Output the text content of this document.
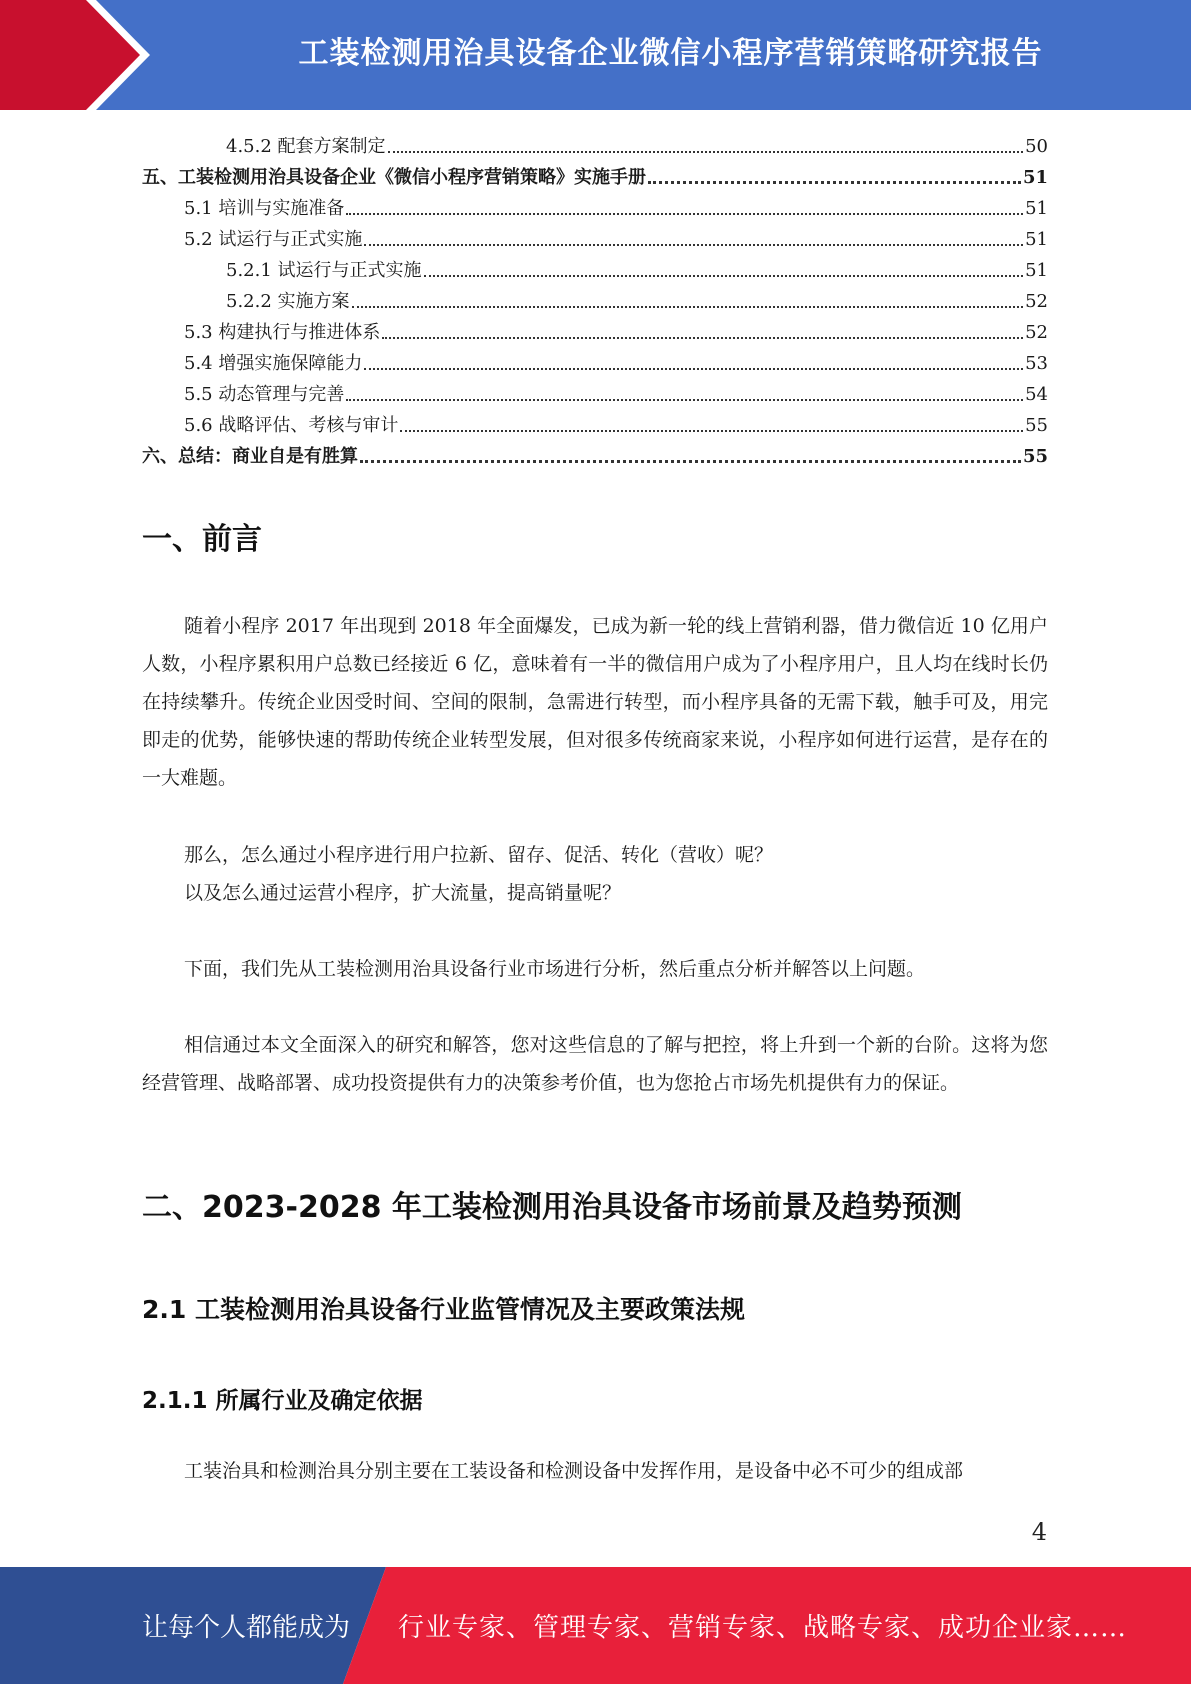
工装检测用治具设备企业微信小程序营销策略研究报告
4.5.2 配套方案制定	50
五、工装检测用治具设备企业《微信小程序营销策略》实施手册	51
5.1 培训与实施准备	51
5.2 试运行与正式实施	51
5.2.1 试运行与正式实施	51
5.2.2 实施方案	52
5.3 构建执行与推进体系	52
5.4 增强实施保障能力	53
5.5 动态管理与完善	54
5.6 战略评估、考核与审计	55
六、总结：商业自是有胜算	55
一、前言

随着小程序 2017 年出现到 2018 年全面爆发，已成为新一轮的线上营销利器，借力微信近 10 亿用户人数，小程序累积用户总数已经接近 6 亿，意味着有一半的微信用户成为了小程序用户，且人均在线时长仍在持续攀升。传统企业因受时间、空间的限制，急需进行转型，而小程序具备的无需下载，触手可及，用完即走的优势，能够快速的帮助传统企业转型发展，但对很多传统商家来说，小程序如何进行运营，是存在的一大难题。

那么，怎么通过小程序进行用户拉新、留存、促活、转化（营收）呢？

以及怎么通过运营小程序，扩大流量，提高销量呢？

下面，我们先从工装检测用治具设备行业市场进行分析，然后重点分析并解答以上问题。

相信通过本文全面深入的研究和解答，您对这些信息的了解与把控，将上升到一个新的台阶。这将为您经营管理、战略部署、成功投资提供有力的决策参考价值，也为您抢占市场先机提供有力的保证。

二、2023-2028 年工装检测用治具设备市场前景及趋势预测
2.1 工装检测用治具设备行业监管情况及主要政策法规
2.1.1 所属行业及确定依据

工装治具和检测治具分别主要在工装设备和检测设备中发挥作用，是设备中必不可少的组成部

4
让每个人都能成为 行业专家、管理专家、营销专家、战略专家、成功企业家……
